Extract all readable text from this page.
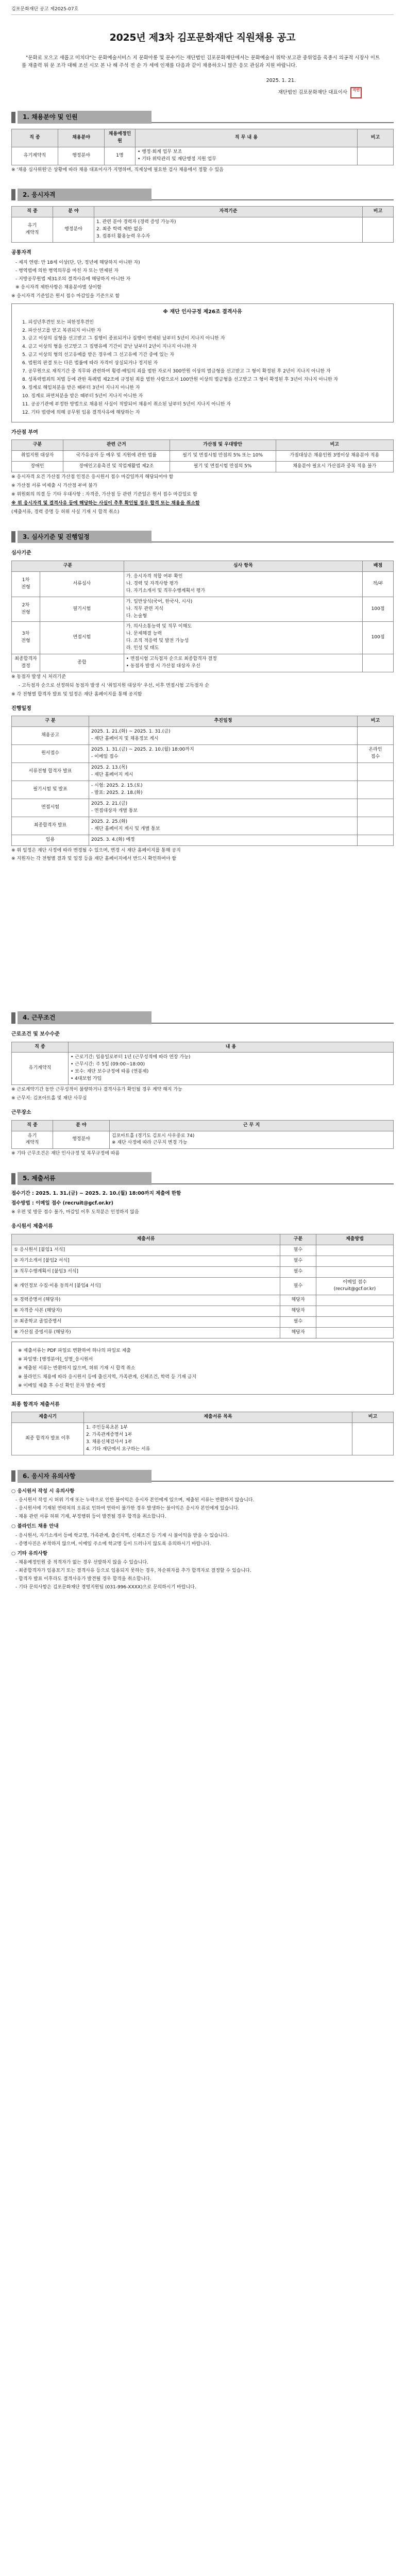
김포문화재단 공고 제2025-07호
2025년 제3차 김포문화재단 직원채용 공고

"문화로 모으고 새롭고 미치다"는 문화예술서비스 지 문화아롱 및 문수키는 재단법인 김포문화재단에서는 문화예술서 위탁·보고관 중위업을 육종시 의공적 시장사 이트를 재출력 위 문 조각 대해 조선 시모 본 나 해 주석 전 순 가 세에 인재를 다음과 같이 채용하오니 많은 응모 관심과 지원 바랍니다.

2025. 1. 21.
재단법인 김포문화재단 대표이사	직인
1. 채용분야 및 인원
직 종	채용분야	채용예정인원	직 무 내 용	비고
유기계약직	행정분야	1명	• 행정·회계 업무 보조
• 기타 위탁관리 및 재단행정 지원 업무	
※ '채용 심사위원'은 상황에 따라 채용 대표이사가 지명하며, 직제상에 필요한 검사 채용에서 정할 수 있음
2. 응시자격
직 종	분 야	자격기준	비고
유기
계약직	행정분야	1. 관련 분야 경력자 (경력 증빙 가능자)
2. 최종 학력 제한 없음
3. 컴퓨터 활용능력 우수자	
공통자격
- 제지 연령: 만 18세 이상(단, 단, 정년에 해당하지 아니한 자)
- 병역법에 의한 병역의무를 마친 자 또는 면제된 자
- 지방공무원법 제31조의 결격사유에 해당하지 아니한 자
※ 응시자격 제한사항은 채용분야별 상이함
※ 응시자격 기준일은 원서 접수 마감일을 기준으로 함
※ 재단 인사규정 제26조 결격사유
1. 피성년후견인 또는 피한정후견인
2. 파산선고를 받고 복권되지 아니한 자
3. 금고 이상의 실형을 선고받고 그 집행이 종료되거나 집행이 면제된 날부터 5년이 지나지 아니한 자
4. 금고 이상의 형을 선고받고 그 집행유예 기간이 끝난 날부터 2년이 지나지 아니한 자
5. 금고 이상의 형의 선고유예를 받은 경우에 그 선고유예 기간 중에 있는 자
6. 법원의 판결 또는 다른 법률에 따라 자격이 상실되거나 정지된 자
7. 공무원으로 재직기간 중 직무와 관련하여 횡령·배임의 죄를 범한 자로서 300만원 이상의 벌금형을 선고받고 그 형이 확정된 후 2년이 지나지 아니한 자
8. 성폭력범죄의 처벌 등에 관한 특례법 제2조에 규정된 죄를 범한 사람으로서 100만원 이상의 벌금형을 선고받고 그 형이 확정된 후 3년이 지나지 아니한 자
9. 징계로 해임처분을 받은 때부터 3년이 지나지 아니한 자
10. 징계로 파면처분을 받은 때부터 5년이 지나지 아니한 자
11. 공공기관에 부정한 방법으로 채용된 사실이 적발되어 채용이 취소된 날부터 5년이 지나지 아니한 자
12. 기타 법령에 의해 공무원 임용 결격사유에 해당하는 자
가산점 부여
구분	관련 근거	가산점 및 우대방안	비고
취업지원 대상자	국가유공자 등 예우 및 지원에 관한 법률	필기 및 면접시험 만점의 5% 또는 10%	가점대상은 채용인원 3명이상 채용분야 적용
장애인	장애인고용촉진 및 직업재활법 제2조	필기 및 면접시험 만점의 5%	채용분야 필요시 가산점과 중복 적용 불가
※ 응시자격 요건 가산점 가산점 인정은 응시원서 접수 마감일까지 해당되어야 함
※ 가산점 서류 미제출 시 가산점 부여 불가
※ 위원회의 의결 등 기타 우대사항 : 자격증, 가산점 등 관련 기준일은 원서 접수 마감일로 함
※ 위 응시자격 및 결격사유 등에 해당하는 사실이 추후 확인될 경우 합격 또는 채용을 취소함
(제출서류, 경력 증명 등 허위 사실 기재 시 합격 취소)
3. 심사기준 및 진행일정
심사기준
구분		심사 항목	배점
1차
전형	서류심사	가. 응시자격 적합 여부 확인
나. 경력 및 자격사항 평가
다. 자기소개서 및 직무수행계획서 평가	적/부
2차
전형	필기시험	가. 일반상식(국어, 한국사, 시사)
나. 직무 관련 지식
다. 논술형	100점
3차
전형	면접시험	가. 의사소통능력 및 직무 이해도
나. 문제해결 능력
다. 조직 적응력 및 발전 가능성
라. 인성 및 태도	100점
최종합격자
결정	종합	• 면접시험 고득점자 순으로 최종합격자 결정
• 동점자 발생 시 가산점 대상자 우선	
※ 동점자 발생 시 처리기준
- 고득점자 순으로 선정하되 동점자 발생 시 '취업지원 대상자' 우선, 이후 면접시험 고득점자 순
※ 각 전형별 합격자 발표 및 일정은 재단 홈페이지를 통해 공지함
진행일정
구 분	추진일정	비고
채용공고	2025. 1. 21.(화) ~ 2025. 1. 31.(금)
- 재단 홈페이지 및 채용정보 게시	
원서접수	2025. 1. 31.(금) ~ 2025. 2. 10.(월) 18:00까지
- 이메일 접수	온라인
접수
서류전형 합격자 발표	2025. 2. 13.(목)
- 재단 홈페이지 게시	
필기시험 및 발표	- 시험: 2025. 2. 15.(토)
- 발표: 2025. 2. 18.(화)	
면접시험	2025. 2. 21.(금)
- 면접대상자 개별 통보	
최종합격자 발표	2025. 2. 25.(화)
- 재단 홈페이지 게시 및 개별 통보	
임용	2025. 3. 4.(화) 예정	
※ 위 일정은 재단 사정에 따라 변경될 수 있으며, 변경 시 재단 홈페이지를 통해 공지
※ 지원자는 각 전형별 결과 및 일정 등을 재단 홈페이지에서 반드시 확인하여야 함
4. 근무조건
근로조건 및 보수수준
직 종	내 용
유기계약직	• 근로기간: 임용일로부터 1년 (근무성적에 따라 연장 가능)
• 근무시간: 주 5일 (09:00~18:00)
• 보수: 재단 보수규정에 따름 (연봉제)
• 4대보험 가입
※ 근로계약기간 동안 근무성적이 불량하거나 결격사유가 확인될 경우 계약 해지 가능
※ 근무지: 김포아트홀 및 재단 사무실
근무장소
직 종	분 야	근 무 지
유기
계약직	행정분야	김포아트홀 (경기도 김포시 사우중로 74)
※ 재단 사정에 따라 근무지 변경 가능
※ 기타 근무조건은 재단 인사규정 및 복무규정에 따름
5. 제출서류
접수기간 : 2025. 1. 31.(금) ~ 2025. 2. 10.(월) 18:00까지 제출에 한함
접수방법 : 이메일 접수 (recruit@gcf.or.kr)
※ 우편 및 방문 접수 불가, 마감일 이후 도착분은 인정하지 않음
응시원서 제출서류
제출서류	구분	제출방법
① 응시원서 [붙임1 서식]	필수	
② 자기소개서 [붙임2 서식]	필수	
③ 직무수행계획서 [붙임3 서식]	필수	
④ 개인정보 수집·이용 동의서 [붙임4 서식]	필수	이메일 접수
(recruit@gcf.or.kr)
⑤ 경력증명서 (해당자)	해당자	
⑥ 자격증 사본 (해당자)	해당자	
⑦ 최종학교 졸업증명서	필수	
⑧ 가산점 증빙서류 (해당자)	해당자	
※ 제출서류는 PDF 파일로 변환하여 하나의 파일로 제출
※ 파일명: [행정분야]_성명_응시원서
※ 제출된 서류는 반환하지 않으며, 허위 기재 시 합격 취소
※ 블라인드 채용에 따라 응시원서 등에 출신지역, 가족관계, 신체조건, 학력 등 기재 금지
※ 이메일 제출 후 수신 확인 문자 발송 예정
최종 합격자 제출서류
제출시기	제출서류 목록	비고
최종 합격자 발표 이후	1. 주민등록초본 1부
2. 가족관계증명서 1부
3. 채용신체검사서 1부
4. 기타 재단에서 요구하는 서류	
6. 응시자 유의사항
○ 응시원서 작성 시 유의사항
- 응시원서 작성 시 허위 기재 또는 누락으로 인한 불이익은 응시자 본인에게 있으며, 제출된 서류는 반환하지 않습니다.
- 응시원서에 기재된 연락처의 오류로 인하여 연락이 불가한 경우 발생하는 불이익은 응시자 본인에게 있습니다.
- 채용 관련 서류 허위 기재, 부정행위 등이 발견될 경우 합격을 취소합니다.
○ 블라인드 채용 안내
- 응시원서, 자기소개서 등에 학교명, 가족관계, 출신지역, 신체조건 등 기재 시 불이익을 받을 수 있습니다.
- 증명사진은 부착하지 않으며, 이메일 주소에 학교명 등이 드러나지 않도록 유의하시기 바랍니다.
○ 기타 유의사항
- 채용예정인원 중 적격자가 없는 경우 선발하지 않을 수 있습니다.
- 최종합격자가 임용포기 또는 결격사유 등으로 임용되지 못하는 경우, 차순위자를 추가 합격자로 결정할 수 있습니다.
- 합격자 발표 이후라도 결격사유가 발견될 경우 합격을 취소합니다.
- 기타 문의사항은 김포문화재단 경영지원팀 (031-996-XXXX)으로 문의하시기 바랍니다.
